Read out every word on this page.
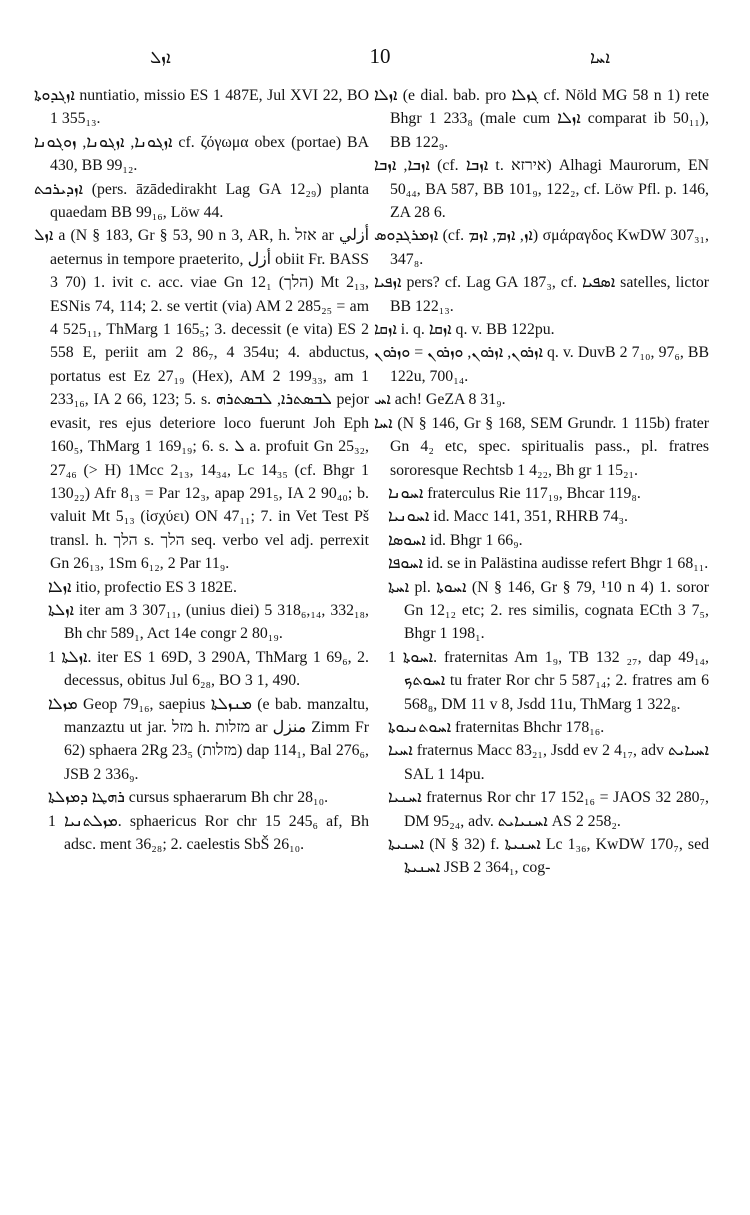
ܐܙܠ	10	ܐܚܐ

ܐܙܓܕܘܬܐ nuntiatio, missio ES 1 487E, Jul XVI 22, BO 1 355₁₃.

ܐܙܓܘܢܐ, ܐܙܓܘܢܐ, ܙܘܓܘܢܐ cf. ζόγωμα obex (portae) BA 430, BB 99₁₂.

ܐܙܕܝܪܟܬ (pers. āzādedirakht Lag GA 12₂₉) planta quaedam BB 99₁₆, Löw 44.

ܐܙܠ a (N § 183, Gr § 53, 90 n 3, AR, h. אזל ar أزلي aeternus in tempore praeterito, أزل obiit Fr. BASS 3 70) 1. ivit c. acc. viae Gn 12₁ (הלך) Mt 2₁₃, ESNis 74, 114; 2. se vertit (via) AM 2 285₂₅ = am 4 525₁₁, ThMarg 1 165₅; 3. decessit (e vita) ES 2 558 E, periit am 2 86₇, 4 354u; 4. abductus, portatus est Ez 27₁₉ (Hex), AM 2 199₃₃, am 1 233₁₆, IA 2 66, 123; 5. s. ܠܒܣܬܪܐ, ܠܒܣܬܪܗ pejor evasit, res ejus deteriore loco fuerunt Joh Eph 160₅, ThMarg 1 169₁₉; 6. s. ܠ a. profuit Gn 25₃₂, 27₄₆ (> H) 1Mcc 2₁₃, 14₃₄, Lc 14₃₅ (cf. Bhgr 1 130₂₂) Afr 8₁₃ = Par 12₃, apap 291₅, IA 2 90₄₀; b. valuit Mt 5₁₃ (ἰσχύει) ON 47₁₁; 7. in Vet Test Pš transl. h. הלך s. הלך seq. verbo vel adj. perrexit Gn 26₁₃, 1Sm 6₁₂, 2 Par 11₉.

ܐܙܠܐ itio, profectio ES 3 182E.

ܐܙܠܬܐ iter am 3 307₁₁, (unius diei) 5 318₆,₁₄, 332₁₈, Bh chr 589₁, Act 14e congr 2 80₁₉.

ܐܙܠܬܐ 1. iter ES 1 69D, 3 290A, ThMarg 1 69₆, 2. decessus, obitus Jul 6₂₈, BO 3 1, 490.

ܡܙܠܐ Geop 79₁₆, saepius ܡܢܙܠܬܐ (e bab. manzaltu, manzaztu ut jar. מזל h. מזלות ar منزل Zimm Fr 62) sphaera 2Rg 23₅ (מזלות) dap 114₁, Bal 276₆, JSB 2 336₉.

ܪܗܛܐ ܕܡܙܠܬܐ cursus sphaerarum Bh chr 28₁₀.

ܡܙܠܬܢܝܐ 1. sphaericus Ror chr 15 245₆ af, Bh adsc. ment 36₂₈; 2. caelestis SbŠ 26₁₀.

ܐܙܠܐ (e dial. bab. pro ܓܙܠܐ cf. Nöld MG 58 n 1) rete Bhgr 1 233₈ (male cum ܐܙܠܐ comparat ib 50₁₁), BB 122₉.

ܐܙܒܐ, ܐܙܒܐ (cf. ܐܙܒܐ t. אירזא) Alhagi Maurorum, EN 50₄₄, BA 587, BB 101₉, 122₂, cf. Löw Pfl. p. 146, ZA 28 6.

ܐܙܡܪܓܕܘܣ (cf. ܐܙ, ܐܙܡ, ܐܙܡ) σμάραγδος KwDW 307₃₁, 347₈.

ܐܙܦܝܐ pers? cf. Lag GA 187₃, cf. ܐܣܦܝܐ satelles, lictor BB 122₁₃.

ܐܙܩܐ i. q. ܐܙܩܐ q. v. BB 122pu.

ܐܙܪܘܢ, ܐܙܪܘܢ, ܘܙܪܘܢ = ܘܙܪܘܢ q. v. DuvB 2 7₁₀, 97₆, BB 122u, 700₁₄.

ܐܚ ach! GeZA 8 31₉.

ܐܚܐ (N § 146, Gr § 168, SEM Grundr. 1 115b) frater Gn 4₂ etc, spec. spiritualis pass., pl. fratres sororesque Rechtsb 1 4₂₂, Bh gr 1 15₂₁.

ܐܚܘܢܐ fraterculus Rie 117₁₉, Bhcar 119₈.

ܐܚܘܢܝܐ id. Macc 141, 351, RHRB 74₃.

ܐܚܘܣܐ id. Bhgr 1 66₉.

ܐܚܘܦܐ id. se in Palästina audisse refert Bhgr 1 68₁₁.

ܐܚܬܐ pl. ܐܚܘܬܐ (N § 146, Gr § 79, ¹10 n 4) 1. soror Gn 12₁₂ etc; 2. res similis, cognata ECth 3 7₅, Bhgr 1 198₁.

ܐܚܘܬܐ 1. fraternitas Am 1₉, TB 132 ₂₇, dap 49₁₄, ܐܚܘܬܟ tu frater Ror chr 5 587₁₄; 2. fratres am 6 568₈, DM 11 v 8, Jsdd 11u, ThMarg 1 322₈.

ܐܚܘܬܢܝܘܬܐ fraternitas Bhchr 178₁₆.

ܐܚܝܐ fraternus Macc 83₂₁, Jsdd ev 2 4₁₇, adv ܐܚܝܐܝܬ SAL 1 14pu.

ܐܚܢܝܐ fraternus Ror chr 17 152₁₆ = JAOS 32 280₇, DM 95₂₄, adv. ܐܚܢܝܐܝܬ AS 2 258₂.

ܐܚܢܝܬܐ (N § 32) f. ܐܚܢܝܬܐ Lc 1₃₆, KwDW 170₇, sed ܐܚܢܝܬܐ JSB 2 364₁, cog-
